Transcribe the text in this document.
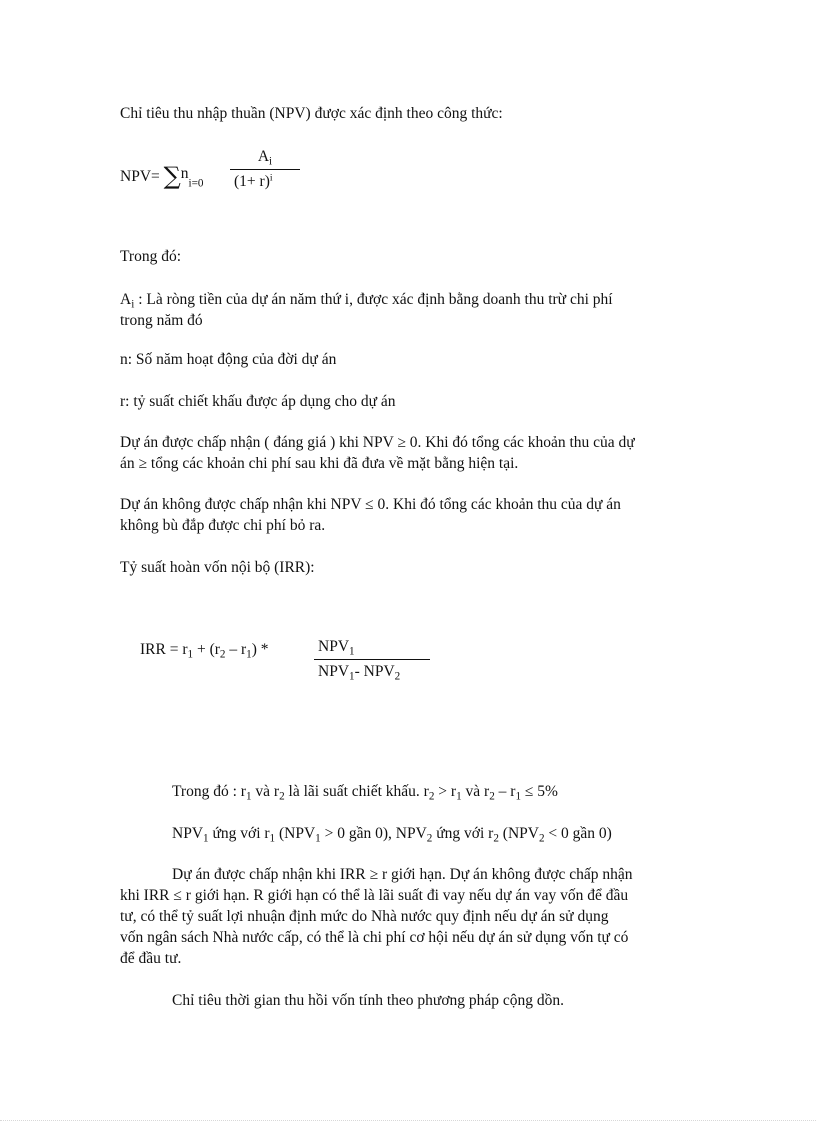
Chỉ tiêu thu nhập thuần (NPV) được xác định theo công thức:
$NPV= \sum n_{i=0} \frac{A_i}{(1+ r)^i}$
Trong đó:
$A_i$ : Là ròng tiền của dự án năm thứ i, được xác định bằng doanh thu trừ chi phí
trong năm đó
n: Số năm hoạt động của đời dự án
r: tỷ suất chiết khấu được áp dụng cho dự án
Dự án được chấp nhận ( đáng giá ) khi NPV ≥ 0. Khi đó tổng các khoản thu của dự
án ≥ tổng các khoản chi phí sau khi đã đưa về mặt bằng hiện tại.
Dự án không được chấp nhận khi NPV ≤ 0. Khi đó tổng các khoản thu của dự án
không bù đắp được chi phí bỏ ra.
Tỷ suất hoàn vốn nội bộ (IRR):
IRR = $r_1 + (r_2 - r_1)$ *	$NPV_1$
$NPV_1-$ $NPV_2$
Trong đó : $r_1$ và $r_2$ là lãi suất chiết khấu. $r_2 > r_1$ và $r_2 - r_1 \le 5\%$
$NPV_1$ ứng với $r_1$ ($NPV_1 > 0$ gần 0), $NPV_2$ ứng với $r_2$ ($NPV_2 < 0$ gần 0)
Dự án được chấp nhận khi IRR ≥ r giới hạn. Dự án không được chấp nhận
khi IRR ≤ r giới hạn. R giới hạn có thể là lãi suất đi vay nếu dự án vay vốn để đầu
tư, có thể tỷ suất lợi nhuận định mức do Nhà nước quy định nếu dự án sử dụng
vốn ngân sách Nhà nước cấp, có thể là chi phí cơ hội nếu dự án sử dụng vốn tự có
để đầu tư.
Chỉ tiêu thời gian thu hồi vốn tính theo phương pháp cộng dồn.
